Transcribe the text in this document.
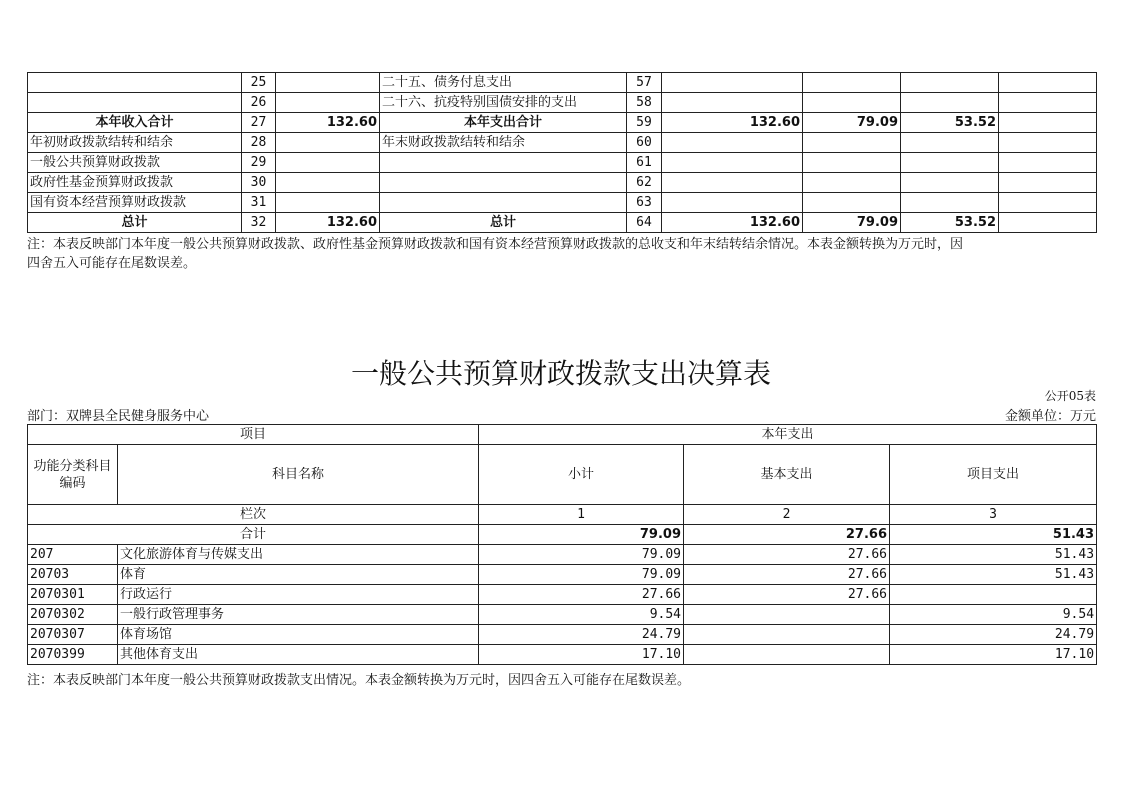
	25		二十五、债务付息支出	57				
	26		二十六、抗疫特别国债安排的支出	58				
本年收入合计	27	132.60	本年支出合计	59	132.60	79.09	53.52	
年初财政拨款结转和结余	28		年末财政拨款结转和结余	60				
一般公共预算财政拨款	29			61				
政府性基金预算财政拨款	30			62				
国有资本经营预算财政拨款	31			63				
总计	32	132.60	总计	64	132.60	79.09	53.52	
注：本表反映部门本年度一般公共预算财政拨款、政府性基金预算财政拨款和国有资本经营预算财政拨款的总收支和年末结转结余情况。本表金额转换为万元时，因
四舍五入可能存在尾数误差。
一般公共预算财政拨款支出决算表
公开05表
部门：双牌县全民健身服务中心	金额单位：万元
项目		本年支出		
功能分类科目编码	科目名称	小计	基本支出	项目支出
栏次		1	2	3
合计		79.09	27.66	51.43
207	文化旅游体育与传媒支出	79.09	27.66	51.43
20703	体育	79.09	27.66	51.43
2070301	行政运行	27.66	27.66	
2070302	一般行政管理事务	9.54		9.54
2070307	体育场馆	24.79		24.79
2070399	其他体育支出	17.10		17.10
注：本表反映部门本年度一般公共预算财政拨款支出情况。本表金额转换为万元时，因四舍五入可能存在尾数误差。
